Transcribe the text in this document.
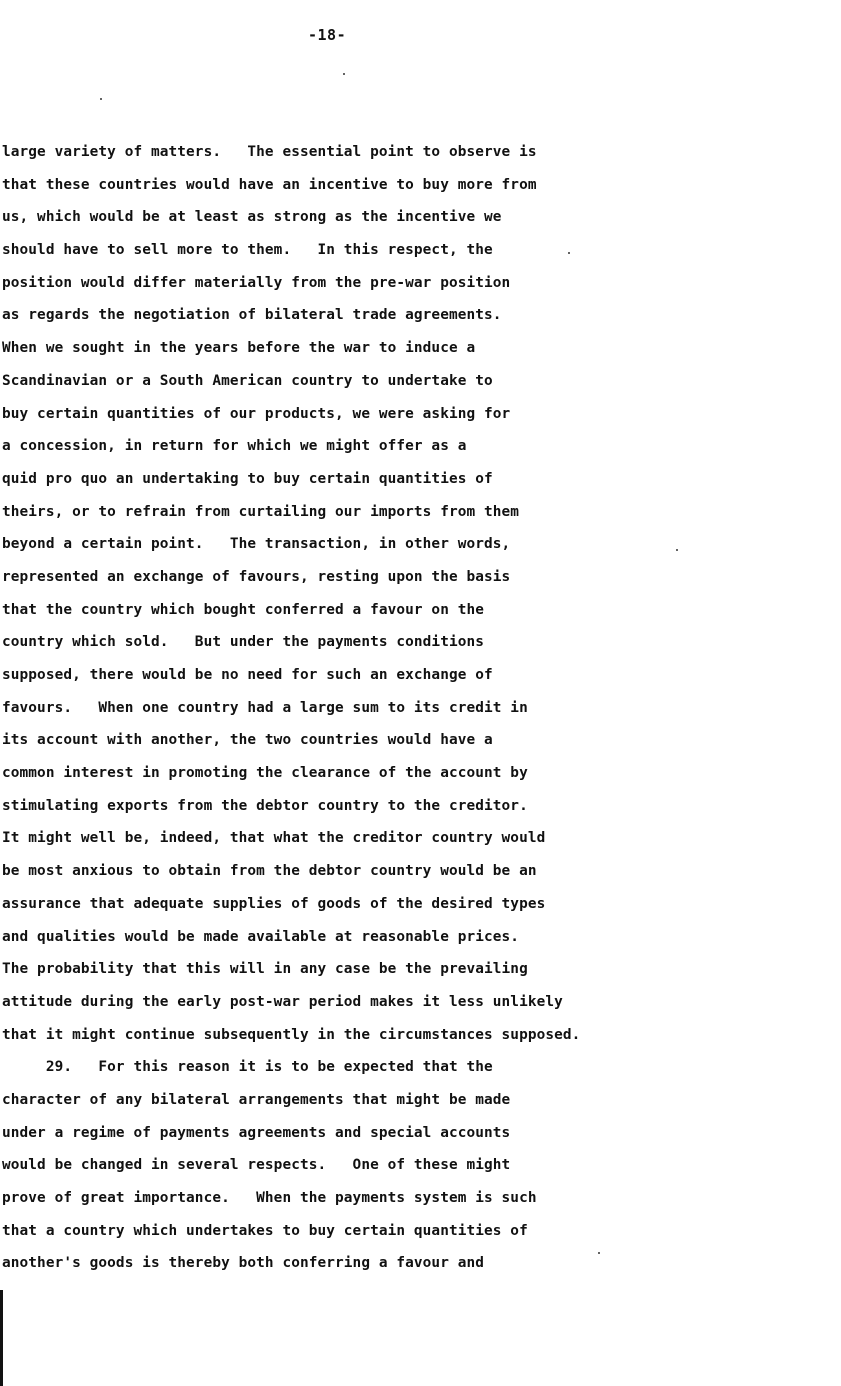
-18-
large variety of matters.   The essential point to observe is
that these countries would have an incentive to buy more from
us, which would be at least as strong as the incentive we
should have to sell more to them.   In this respect, the
position would differ materially from the pre-war position
as regards the negotiation of bilateral trade agreements.
When we sought in the years before the war to induce a
Scandinavian or a South American country to undertake to
buy certain quantities of our products, we were asking for
a concession, in return for which we might offer as a
quid pro quo an undertaking to buy certain quantities of
theirs, or to refrain from curtailing our imports from them
beyond a certain point.   The transaction, in other words,
represented an exchange of favours, resting upon the basis
that the country which bought conferred a favour on the
country which sold.   But under the payments conditions
supposed, there would be no need for such an exchange of
favours.   When one country had a large sum to its credit in
its account with another, the two countries would have a
common interest in promoting the clearance of the account by
stimulating exports from the debtor country to the creditor.
It might well be, indeed, that what the creditor country would
be most anxious to obtain from the debtor country would be an
assurance that adequate supplies of goods of the desired types
and qualities would be made available at reasonable prices.
The probability that this will in any case be the prevailing
attitude during the early post-war period makes it less unlikely
that it might continue subsequently in the circumstances supposed.
29.   For this reason it is to be expected that the
character of any bilateral arrangements that might be made
under a regime of payments agreements and special accounts
would be changed in several respects.   One of these might
prove of great importance.   When the payments system is such
that a country which undertakes to buy certain quantities of
another's goods is thereby both conferring a favour and
